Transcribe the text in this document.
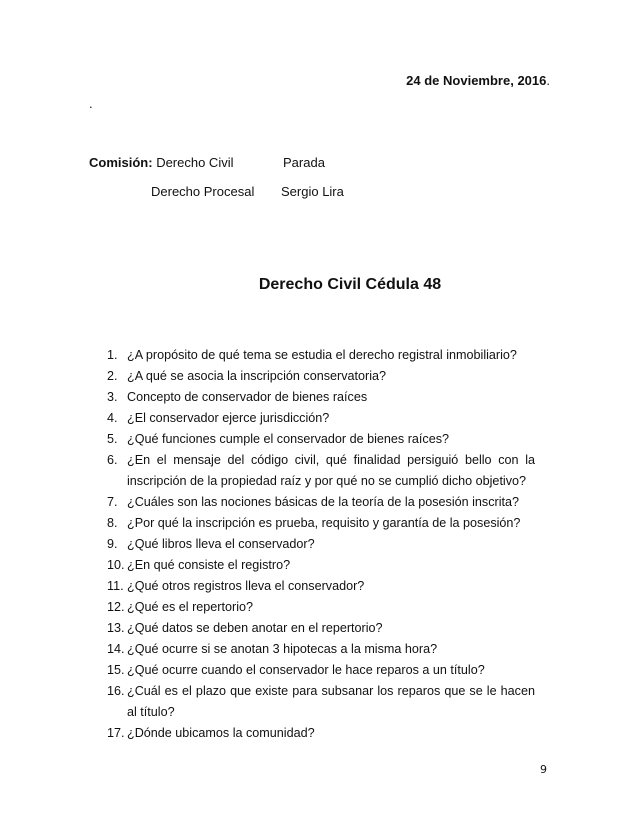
24 de Noviembre, 2016.
.
Comisión: Derecho Civil	Parada
Derecho Procesal Sergio Lira
Derecho Civil Cédula 48
1. ¿A propósito de qué tema se estudia el derecho registral inmobiliario?
2. ¿A qué se asocia la inscripción conservatoria?
3. Concepto de conservador de bienes raíces
4. ¿El conservador ejerce jurisdicción?
5. ¿Qué funciones cumple el conservador de bienes raíces?
6. ¿En el mensaje del código civil, qué finalidad persiguió bello con la inscripción de la propiedad raíz y por qué no se cumplió dicho objetivo?
7. ¿Cuáles son las nociones básicas de la teoría de la posesión inscrita?
8. ¿Por qué la inscripción es prueba, requisito y garantía de la posesión?
9. ¿Qué libros lleva el conservador?
10. ¿En qué consiste el registro?
11. ¿Qué otros registros lleva el conservador?
12. ¿Qué es el repertorio?
13. ¿Qué datos se deben anotar en el repertorio?
14. ¿Qué ocurre si se anotan 3 hipotecas a la misma hora?
15. ¿Qué ocurre cuando el conservador le hace reparos a un título?
16. ¿Cuál es el plazo que existe para subsanar los reparos que se le hacen al título?
17. ¿Dónde ubicamos la comunidad?
9
